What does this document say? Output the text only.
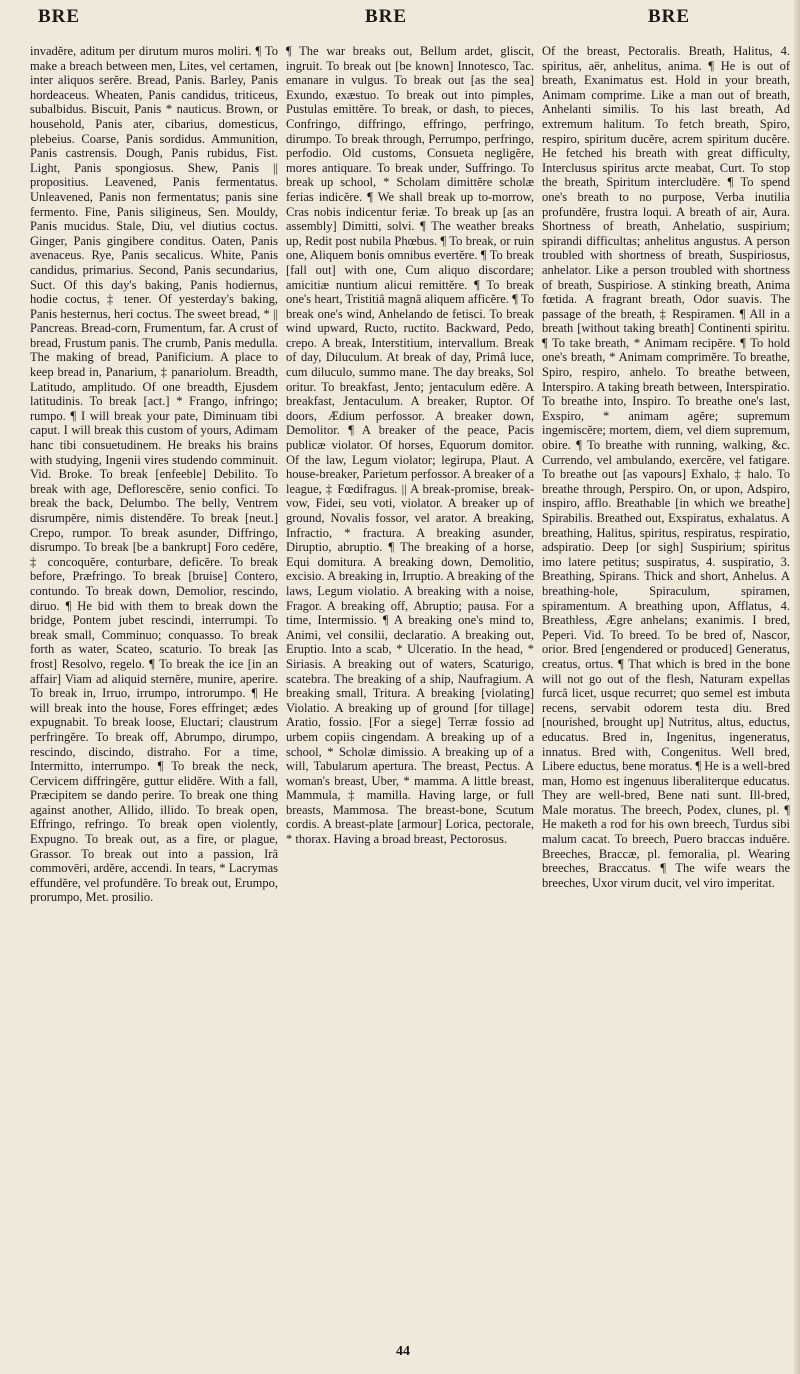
BRE	BRE	BRE

invadĕre, aditum per dirutum muros moliri. ¶ To make a breach between men, Lites, vel certamen, inter aliquos serĕre. Bread, Panis. Barley, Panis hordeaceus. Wheaten, Panis candidus, triticeus, subalbidus. Biscuit, Panis * nauticus. Brown, or household, Panis ater, cibarius, domesticus, plebeius. Coarse, Panis sordidus. Ammunition, Panis castrensis. Dough, Panis rubidus, Fist. Light, Panis spongiosus. Shew, Panis || propositius. Leavened, Panis fermentatus. Unleavened, Panis non fermentatus; panis sine fermento. Fine, Panis siligineus, Sen. Mouldy, Panis mucidus. Stale, Diu, vel diutius coctus. Ginger, Panis gingibere conditus. Oaten, Panis avenaceus. Rye, Panis secalicus. White, Panis candidus, primarius. Second, Panis secundarius, Suct. Of this day's baking, Panis hodiernus, hodie coctus, ‡ tener. Of yesterday's baking, Panis hesternus, heri coctus. The sweet bread, * || Pancreas. Bread-corn, Frumentum, far. A crust of bread, Frustum panis. The crumb, Panis medulla. The making of bread, Panificium. A place to keep bread in, Panarium, ‡ panariolum. Breadth, Latitudo, amplitudo. Of one breadth, Ejusdem latitudinis. To break [act.] * Frango, infringo; rumpo. ¶ I will break your pate, Diminuam tibi caput. I will break this custom of yours, Adimam hanc tibi consuetudinem. He breaks his brains with studying, Ingenii vires studendo comminuit. Vid. Broke. To break [enfeeble] Debilito. To break with age, Deflorescĕre, senio confici. To break the back, Delumbo. The belly, Ventrem disrumpĕre, nimis distendĕre. To break [neut.] Crepo, rumpor. To break asunder, Diffringo, disrumpo. To break [be a bankrupt] Foro cedĕre, ‡ concoquĕre, conturbare, deficĕre. To break before, Præfringo. To break [bruise] Contero, contundo. To break down, Demolior, rescindo, diruo. ¶ He bid with them to break down the bridge, Pontem jubet rescindi, interrumpi. To break small, Comminuo; conquasso. To break forth as water, Scateo, scaturio. To break [as frost] Resolvo, regelo. ¶ To break the ice [in an affair] Viam ad aliquid sternĕre, munire, aperire. To break in, Irruo, irrumpo, introrumpo. ¶ He will break into the house, Fores effringet; ædes expugnabit. To break loose, Eluctari; claustrum perfringĕre. To break off, Abrumpo, dirumpo, rescindo, discindo, distraho. For a time, Intermitto, interrumpo. ¶ To break the neck, Cervicem diffringĕre, guttur elidĕre. With a fall, Præcipitem se dando perire. To break one thing against another, Allido, illido. To break open, Effringo, refringo. To break open violently, Expugno. To break out, as a fire, or plague, Grassor. To break out into a passion, Irâ commovēri, ardĕre, accendi. In tears, * Lacrymas effundĕre, vel profundĕre. To break out, Erumpo, prorumpo, Met. prosilio.

¶ The war breaks out, Bellum ardet, gliscit, ingruit. To break out [be known] Innotesco, Tac. emanare in vulgus. To break out [as the sea] Exundo, exæstuo. To break out into pimples, Pustulas emittĕre. To break, or dash, to pieces, Confringo, diffringo, effringo, perfringo, dirumpo. To break through, Perrumpo, perfringo, perfodio. Old customs, Consueta negligĕre, mores antiquare. To break under, Suffringo. To break up school, * Scholam dimittĕre scholæ ferias indicĕre. ¶ We shall break up to-morrow, Cras nobis indicentur feriæ. To break up [as an assembly] Dimitti, solvi. ¶ The weather breaks up, Redit post nubila Phœbus. ¶ To break, or ruin one, Aliquem bonis omnibus evertĕre. ¶ To break [fall out] with one, Cum aliquo discordare; amicitiæ nuntium alicui remittĕre. ¶ To break one's heart, Tristitiâ magnâ aliquem afficĕre. ¶ To break one's wind, Anhelando de fetisci. To break wind upward, Ructo, ructito. Backward, Pedo, crepo. A break, Interstitium, intervallum. Break of day, Diluculum. At break of day, Primâ luce, cum diluculo, summo mane. The day breaks, Sol oritur. To breakfast, Jento; jentaculum edĕre. A breakfast, Jentaculum. A breaker, Ruptor. Of doors, Ædium perfossor. A breaker down, Demolitor. ¶ A breaker of the peace, Pacis publicæ violator. Of horses, Equorum domitor. Of the law, Legum violator; legirupa, Plaut. A house-breaker, Parietum perfossor. A breaker of a league, ‡ Fœdifragus. || A break-promise, break-vow, Fidei, seu voti, violator. A breaker up of ground, Novalis fossor, vel arator. A breaking, Infractio, * fractura. A breaking asunder, Diruptio, abruptio. ¶ The breaking of a horse, Equi domitura. A breaking down, Demolitio, excisio. A breaking in, Irruptio. A breaking of the laws, Legum violatio. A breaking with a noise, Fragor. A breaking off, Abruptio; pausa. For a time, Intermissio. ¶ A breaking one's mind to, Animi, vel consilii, declaratio. A breaking out, Eruptio. Into a scab, * Ulceratio. In the head, * Siriasis. A breaking out of waters, Scaturigo, scatebra. The breaking of a ship, Naufragium. A breaking small, Tritura. A breaking [violating] Violatio. A breaking up of ground [for tillage] Aratio, fossio. [For a siege] Terræ fossio ad urbem copiis cingendam. A breaking up of a school, * Scholæ dimissio. A breaking up of a will, Tabularum apertura. The breast, Pectus. A woman's breast, Uber, * mamma. A little breast, Mammula, ‡ mamilla. Having large, or full breasts, Mammosa. The breast-bone, Scutum cordis. A breast-plate [armour] Lorica, pectorale, * thorax. Having a broad breast, Pectorosus.

Of the breast, Pectoralis. Breath, Halitus, 4. spiritus, aër, anhelitus, anima. ¶ He is out of breath, Exanimatus est. Hold in your breath, Animam comprime. Like a man out of breath, Anhelanti similis. To his last breath, Ad extremum halitum. To fetch breath, Spiro, respiro, spiritum ducĕre, acrem spiritum ducĕre. He fetched his breath with great difficulty, Interclusus spiritus arcte meabat, Curt. To stop the breath, Spiritum intercludĕre. ¶ To spend one's breath to no purpose, Verba inutilia profundĕre, frustra loqui. A breath of air, Aura. Shortness of breath, Anhelatio, suspirium; spirandi difficultas; anhelitus angustus. A person troubled with shortness of breath, Suspiriosus, anhelator. Like a person troubled with shortness of breath, Suspiriose. A stinking breath, Anima fœtida. A fragrant breath, Odor suavis. The passage of the breath, ‡ Respiramen. ¶ All in a breath [without taking breath] Continenti spiritu. ¶ To take breath, * Animam recipĕre. ¶ To hold one's breath, * Animam comprimĕre. To breathe, Spiro, respiro, anhelo. To breathe between, Interspiro. A taking breath between, Interspiratio. To breathe into, Inspiro. To breathe one's last, Exspiro, * animam agĕre; supremum ingemiscĕre; mortem, diem, vel diem supremum, obire. ¶ To breathe with running, walking, &c. Currendo, vel ambulando, exercĕre, vel fatigare. To breathe out [as vapours] Exhalo, ‡ halo. To breathe through, Perspiro. On, or upon, Adspiro, inspiro, afflo. Breathable [in which we breathe] Spirabilis. Breathed out, Exspiratus, exhalatus. A breathing, Halitus, spiritus, respiratus, respiratio, adspiratio. Deep [or sigh] Suspirium; spiritus imo latere petitus; suspiratus, 4. suspiratio, 3. Breathing, Spirans. Thick and short, Anhelus. A breathing-hole, Spiraculum, spiramen, spiramentum. A breathing upon, Afflatus, 4. Breathless, Ægre anhelans; exanimis. I bred, Peperi. Vid. To breed. To be bred of, Nascor, orior. Bred [engendered or produced] Generatus, creatus, ortus. ¶ That which is bred in the bone will not go out of the flesh, Naturam expellas furcâ licet, usque recurret; quo semel est imbuta recens, servabit odorem testa diu. Bred [nourished, brought up] Nutritus, altus, eductus, educatus. Bred in, Ingenitus, ingeneratus, innatus. Bred with, Congenitus. Well bred, Libere eductus, bene moratus. ¶ He is a well-bred man, Homo est ingenuus liberaliterque educatus. They are well-bred, Bene nati sunt. Ill-bred, Male moratus. The breech, Podex, clunes, pl. ¶ He maketh a rod for his own breech, Turdus sibi malum cacat. To breech, Puero braccas induĕre. Breeches, Braccæ, pl. femoralia, pl. Wearing breeches, Braccatus. ¶ The wife wears the breeches, Uxor virum ducit, vel viro imperitat.

44
